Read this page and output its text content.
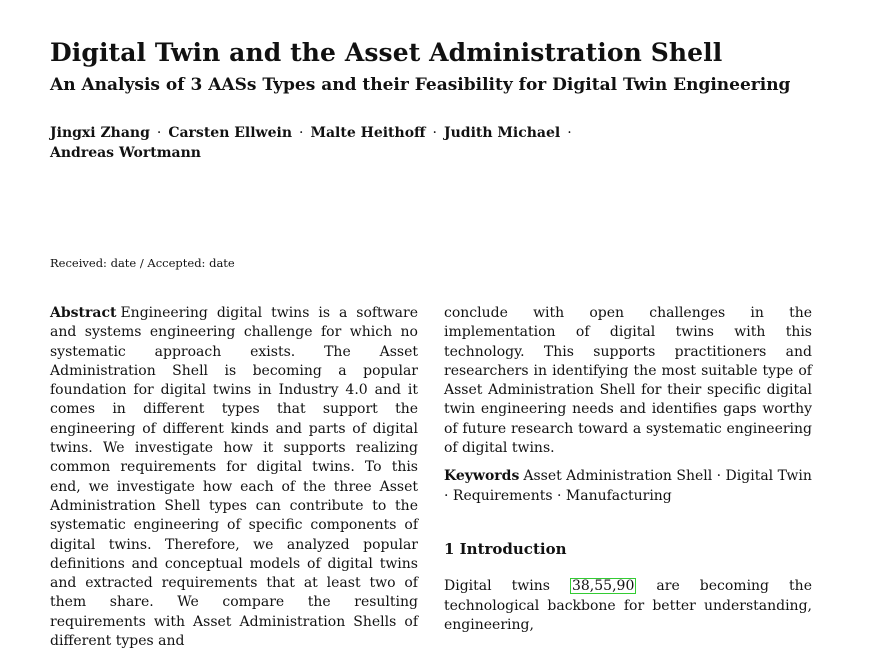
Digital Twin and the Asset Administration Shell
An Analysis of 3 AASs Types and their Feasibility for Digital Twin Engineering
Jingxi Zhang · Carsten Ellwein · Malte Heithoff · Judith Michael ·
Andreas Wortmann
Received: date / Accepted: date

Abstract Engineering digital twins is a software and systems engineering challenge for which no systematic approach exists. The Asset Administration Shell is becoming a popular foundation for digital twins in Industry 4.0 and it comes in different types that support the engineering of different kinds and parts of digital twins. We investigate how it supports realizing common requirements for digital twins. To this end, we investigate how each of the three Asset Administration Shell types can contribute to the systematic engineering of specific components of digital twins. Therefore, we analyzed popular definitions and conceptual models of digital twins and extracted requirements that at least two of them share. We compare the resulting requirements with Asset Administration Shells of different types and

conclude with open challenges in the implementation of digital twins with this technology. This supports practitioners and researchers in identifying the most suitable type of Asset Administration Shell for their specific digital twin engineering needs and identifies gaps worthy of future research toward a systematic engineering of digital twins.

Keywords Asset Administration Shell · Digital Twin · Requirements · Manufacturing

1 Introduction

Digital twins 38,55,90 are becoming the technological backbone for better understanding, engineering,
